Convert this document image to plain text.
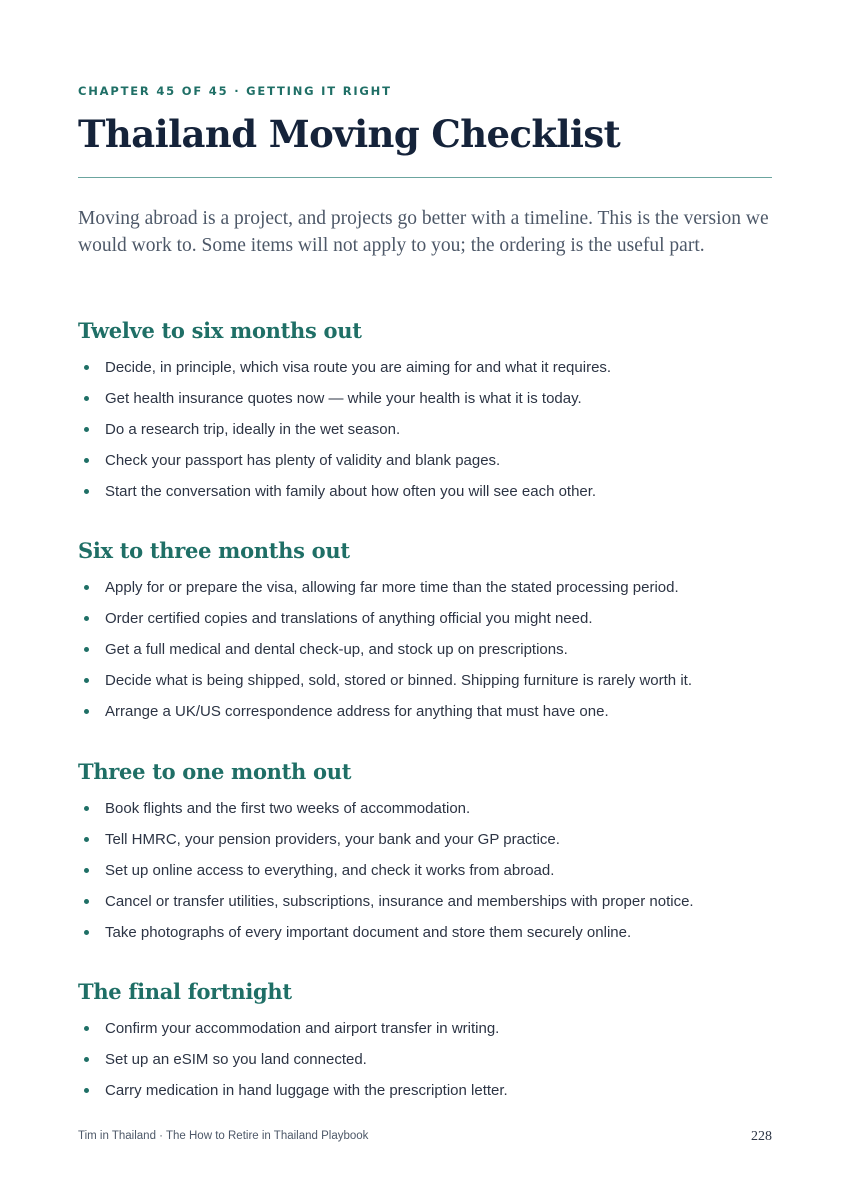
CHAPTER 45 OF 45 · GETTING IT RIGHT
Thailand Moving Checklist

Moving abroad is a project, and projects go better with a timeline. This is the version we would work to. Some items will not apply to you; the ordering is the useful part.

Twelve to six months out
Decide, in principle, which visa route you are aiming for and what it requires.
Get health insurance quotes now — while your health is what it is today.
Do a research trip, ideally in the wet season.
Check your passport has plenty of validity and blank pages.
Start the conversation with family about how often you will see each other.
Six to three months out
Apply for or prepare the visa, allowing far more time than the stated processing period.
Order certified copies and translations of anything official you might need.
Get a full medical and dental check-up, and stock up on prescriptions.
Decide what is being shipped, sold, stored or binned. Shipping furniture is rarely worth it.
Arrange a UK/US correspondence address for anything that must have one.
Three to one month out
Book flights and the first two weeks of accommodation.
Tell HMRC, your pension providers, your bank and your GP practice.
Set up online access to everything, and check it works from abroad.
Cancel or transfer utilities, subscriptions, insurance and memberships with proper notice.
Take photographs of every important document and store them securely online.
The final fortnight
Confirm your accommodation and airport transfer in writing.
Set up an eSIM so you land connected.
Carry medication in hand luggage with the prescription letter.
Tim in Thailand · The How to Retire in Thailand Playbook	228
